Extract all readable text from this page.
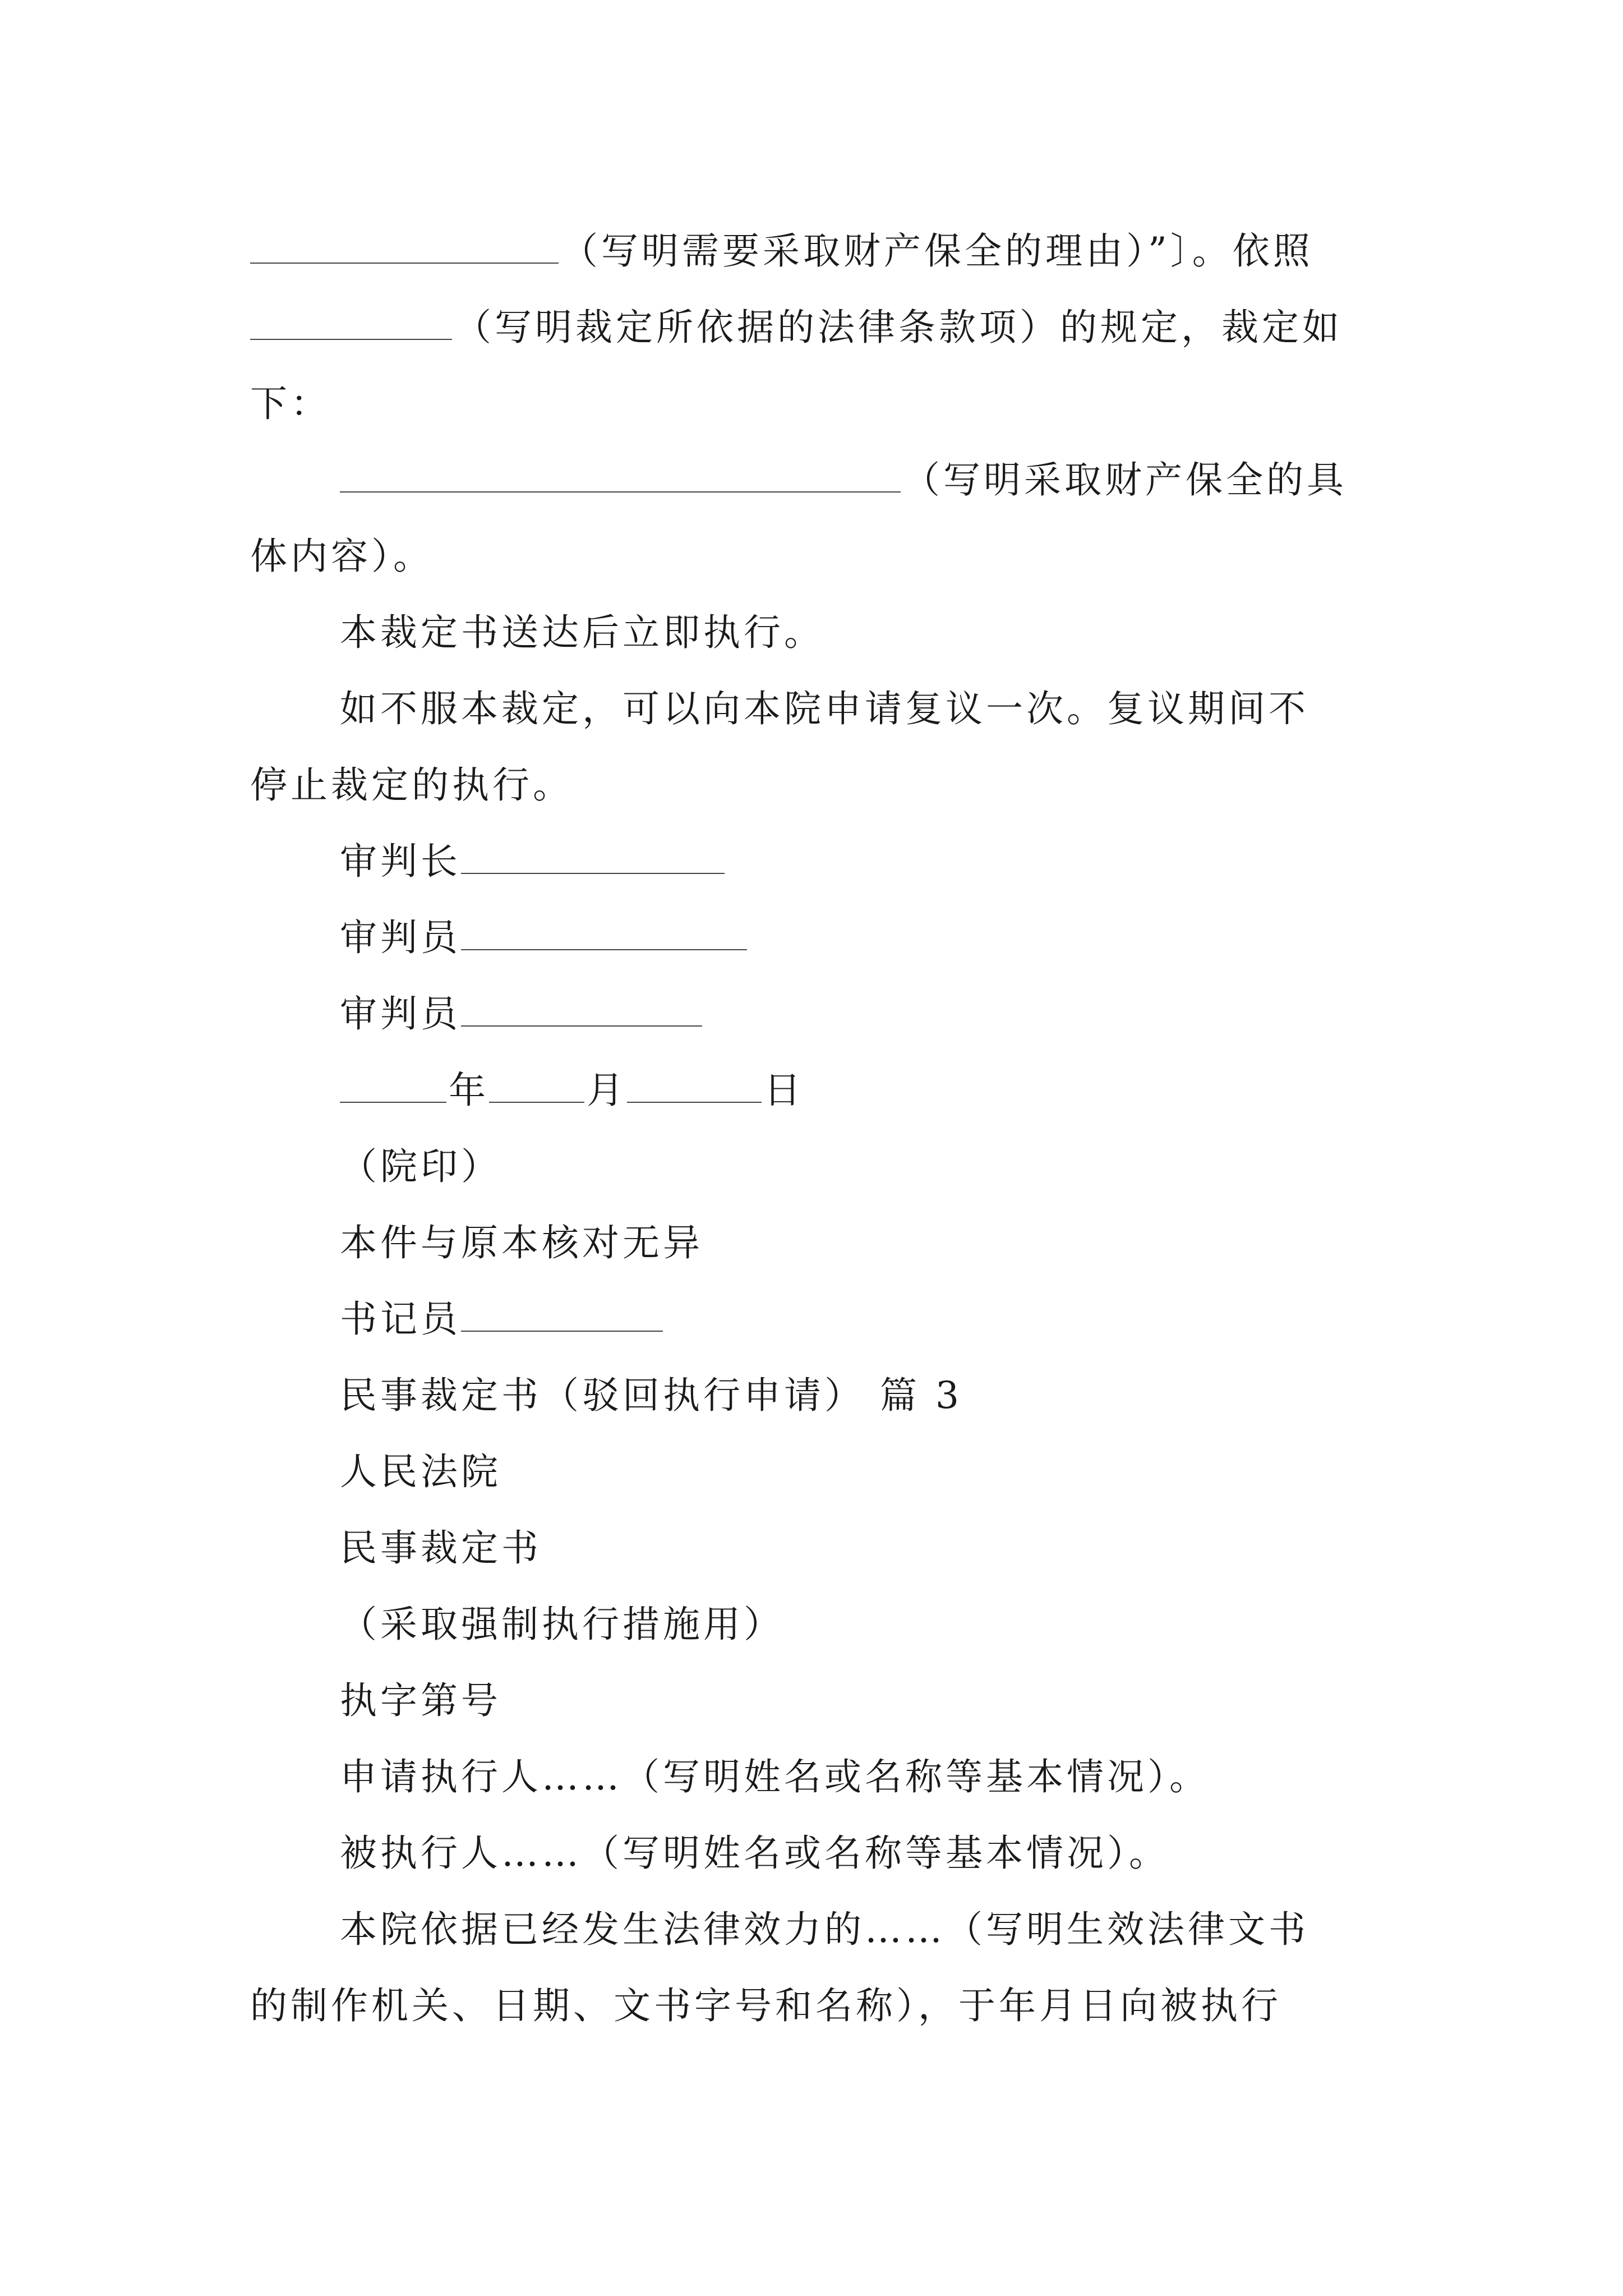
（写明需要采取财产保全的理由）”〕。依照
（写明裁定所依据的法律条款项）的规定，裁定如
下：
（写明采取财产保全的具
体内容）。
本裁定书送达后立即执行。
如不服本裁定，可以向本院申请复议一次。复议期间不
停止裁定的执行。
审判长
审判员
审判员
年	月	日
（院印）
本件与原本核对无异
书记员
民事裁定书（驳回执行申请） 篇 3
人民法院
民事裁定书
（采取强制执行措施用）
执字第号
申请执行人……（写明姓名或名称等基本情况）。
被执行人……（写明姓名或名称等基本情况）。
本院依据已经发生法律效力的……（写明生效法律文书
的制作机关、日期、文书字号和名称），于年月日向被执行
